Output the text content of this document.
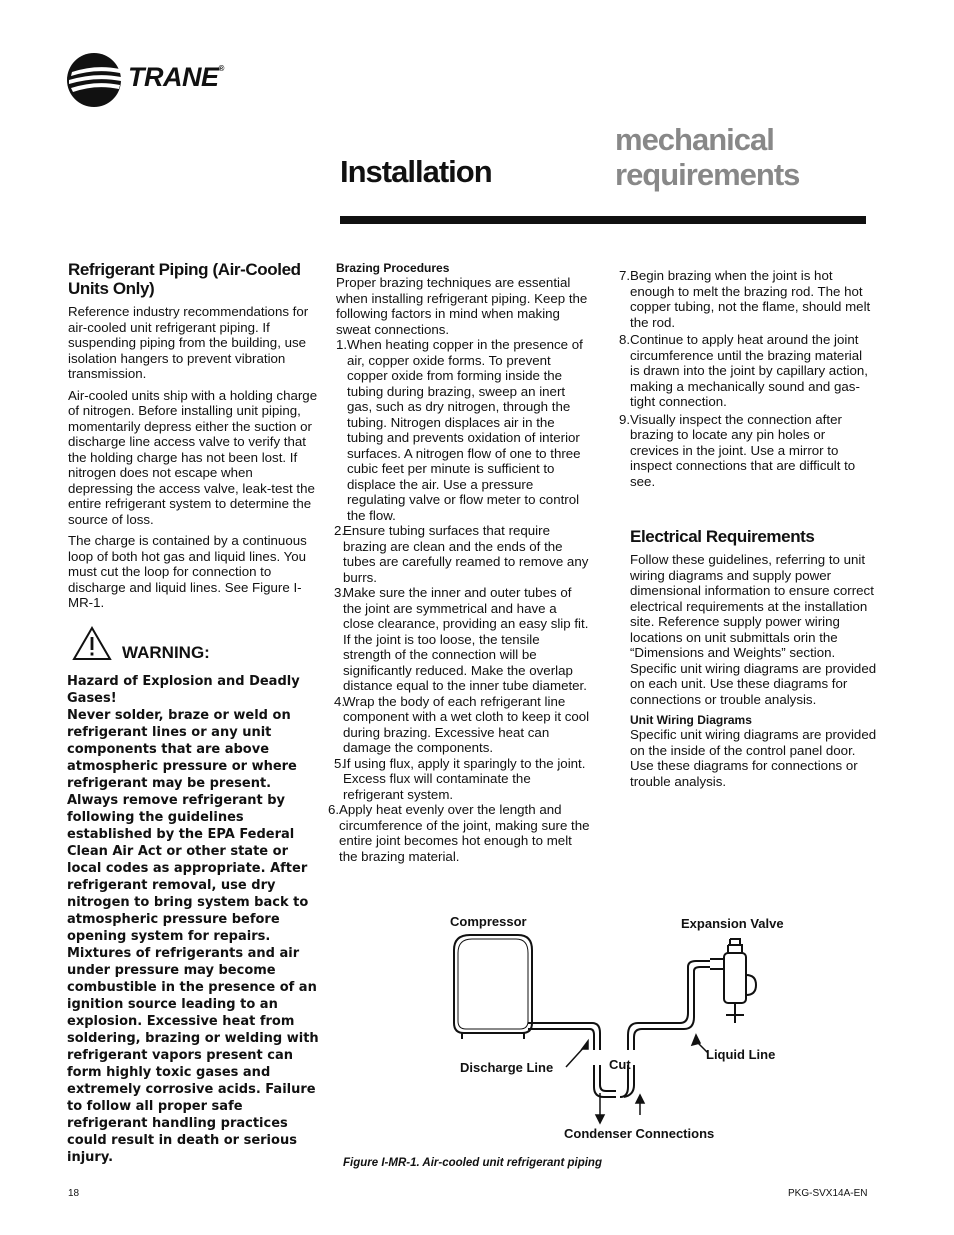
TRANE®
Installation
mechanical
requirements
Refrigerant Piping (Air-Cooled Units Only)

Reference industry recommendations for air-cooled unit refrigerant piping. If suspending piping from the building, use isolation hangers to prevent vibration transmission.

Air-cooled units ship with a holding charge of nitrogen. Before installing unit piping, momentarily depress either the suction or discharge line access valve to verify that the holding charge has not been lost. If nitrogen does not escape when depressing the access valve, leak-test the entire refrigerant system to determine the source of loss.

The charge is contained by a continuous loop of both hot gas and liquid lines. You must cut the loop for connection to discharge and liquid lines. See Figure I-MR-1.

WARNING:
Hazard of Explosion and Deadly Gases!
Never solder, braze or weld on refrigerant lines or any unit components that are above atmospheric pressure or where refrigerant may be present. Always remove refrigerant by following the guidelines established by the EPA Federal Clean Air Act or other state or local codes as appropriate. After refrigerant removal, use dry nitrogen to bring system back to atmospheric pressure before opening system for repairs. Mixtures of refrigerants and air under pressure may become combustible in the presence of an ignition source leading to an explosion. Excessive heat from soldering, brazing or welding with refrigerant vapors present can form highly toxic gases and extremely corrosive acids. Failure to follow all proper safe refrigerant handling practices could result in death or serious injury.
Brazing Procedures

Proper brazing techniques are essential when installing refrigerant piping. Keep the following factors in mind when making sweat connections.

1. When heating copper in the presence of air, copper oxide forms. To prevent copper oxide from forming inside the tubing during brazing, sweep an inert gas, such as dry nitrogen, through the tubing. Nitrogen displaces air in the tubing and prevents oxidation of interior surfaces. A nitrogen flow of one to three cubic feet per minute is sufficient to displace the air. Use a pressure regulating valve or flow meter to control the flow.
2.
Ensure tubing surfaces that require brazing are clean and the ends of the tubes are carefully reamed to remove any burrs.
3.
Make sure the inner and outer tubes of the joint are symmetrical and have a close clearance, providing an easy slip fit. If the joint is too loose, the tensile strength of the connection will be significantly reduced. Make the overlap distance equal to the inner tube diameter.
4.
Wrap the body of each refrigerant line component with a wet cloth to keep it cool during brazing. Excessive heat can damage the components.
5.
If using flux, apply it sparingly to the joint. Excess flux will contaminate the refrigerant system.
6. Apply heat evenly over the length and circumference of the joint, making sure the entire joint becomes hot enough to melt the brazing material.
7. Begin brazing when the joint is hot enough to melt the brazing rod. The hot copper tubing, not the flame, should melt the rod.
8. Continue to apply heat around the joint circumference until the brazing material is drawn into the joint by capillary action, making a mechanically sound and gas-tight connection.
9. Visually inspect the connection after brazing to locate any pin holes or crevices in the joint. Use a mirror to inspect connections that are difficult to see.
Electrical Requirements

Follow these guidelines, referring to unit wiring diagrams and supply power dimensional information to ensure correct electrical requirements at the installation site. Reference supply power wiring locations on unit submittals orin the “Dimensions and Weights” section. Specific unit wiring diagrams are provided on each unit. Use these diagrams for connections or trouble analysis.

Unit Wiring Diagrams

Specific unit wiring diagrams are provided on the inside of the control panel door. Use these diagrams for connections or trouble analysis.

Compressor	Expansion Valve
Discharge Line	Cut
Liquid Line
Condenser Connections
Figure I-MR-1. Air-cooled unit refrigerant piping
18	PKG-SVX14A-EN
